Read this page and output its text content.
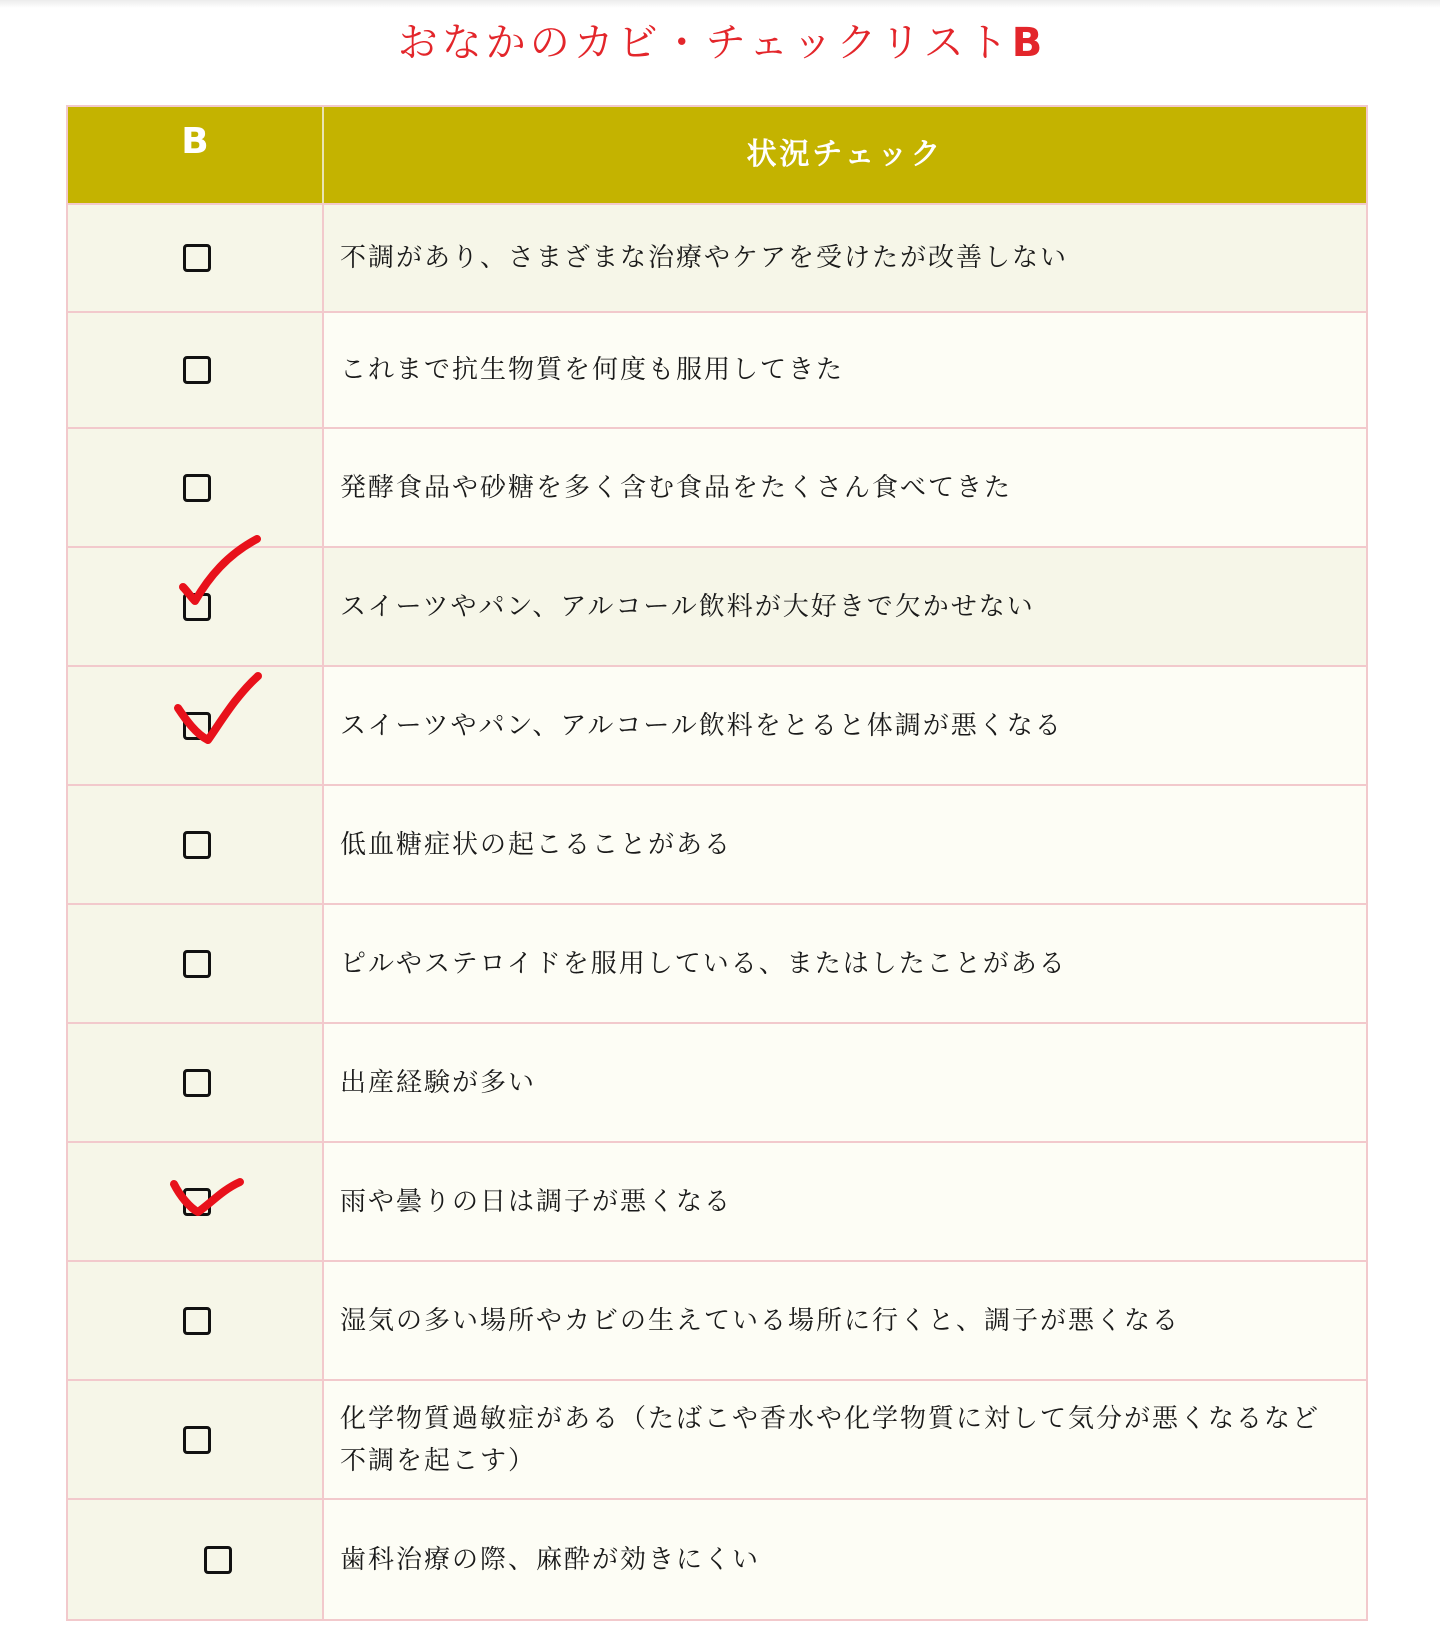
おなかのカビ・チェックリストB
B	状況チェック
不調があり、さまざまな治療やケアを受けたが改善しない
これまで抗生物質を何度も服用してきた
発酵食品や砂糖を多く含む食品をたくさん食べてきた
スイーツやパン、アルコール飲料が大好きで欠かせない
スイーツやパン、アルコール飲料をとると体調が悪くなる
低血糖症状の起こることがある
ピルやステロイドを服用している、またはしたことがある
出産経験が多い
雨や曇りの日は調子が悪くなる
湿気の多い場所やカビの生えている場所に行くと、調子が悪くなる
化学物質過敏症がある（たばこや香水や化学物質に対して気分が悪くなるなど不調を起こす）
歯科治療の際、麻酔が効きにくい
